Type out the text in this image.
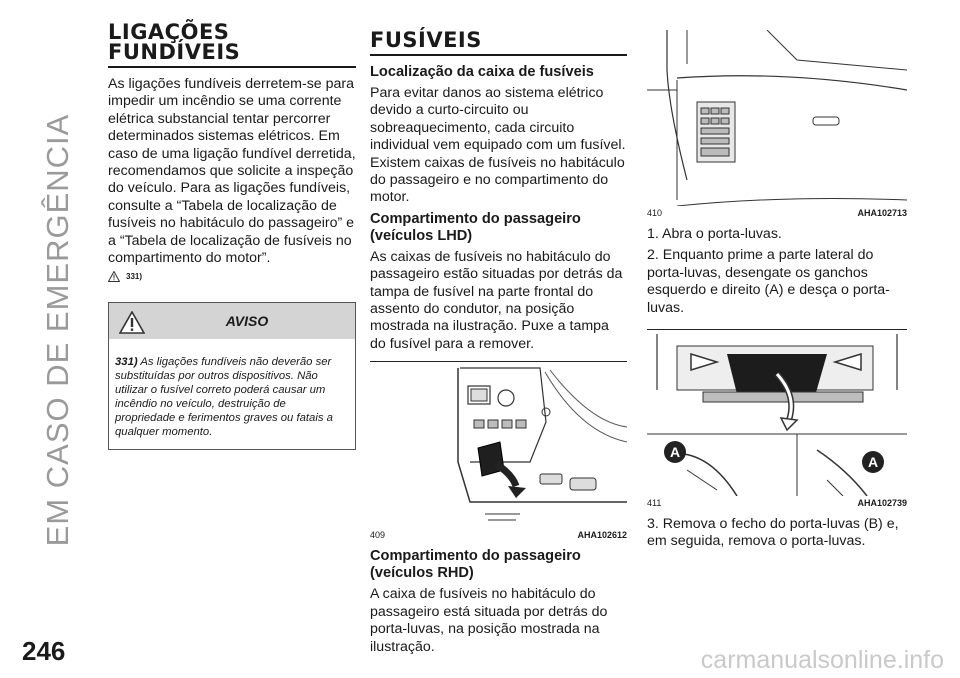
EM CASO DE EMERGÊNCIA
246	carmanualsonline.info
LIGAÇÕES
FUNDÍVEIS

As ligações fundíveis derretem-se para impedir um incêndio se uma corrente elétrica substancial tentar percorrer determinados sistemas elétricos. Em caso de uma ligação fundível derretida, recomendamos que solicite a inspeção do veículo. Para as ligações fundíveis, consulte a “Tabela de localização de fusíveis no habitáculo do passageiro” e a “Tabela de localização de fusíveis no compartimento do motor”.

331)
AVISO
331) As ligações fundíveis não deverão ser substituídas por outros dispositivos. Não utilizar o fusível correto poderá causar um incêndio no veículo, destruição de propriedade e ferimentos graves ou fatais a qualquer momento.
FUSÍVEIS
Localização da caixa de fusíveis

Para evitar danos ao sistema elétrico devido a curto-circuito ou sobreaquecimento, cada circuito individual vem equipado com um fusível. Existem caixas de fusíveis no habitáculo do passageiro e no compartimento do motor.

Compartimento do passageiro (veículos LHD)

As caixas de fusíveis no habitáculo do passageiro estão situadas por detrás da tampa de fusível na parte frontal do assento do condutor, na posição mostrada na ilustração. Puxe a tampa do fusível para a remover.

409	AHA102612
Compartimento do passageiro (veículos RHD)

A caixa de fusíveis no habitáculo do passageiro está situada por detrás do porta-luvas, na posição mostrada na ilustração.

410	AHA102713

1. Abra o porta-luvas.

2. Enquanto prime a parte lateral do porta-luvas, desengate os ganchos esquerdo e direito (A) e desça o porta-luvas.

A
A
411	AHA102739

3. Remova o fecho do porta-luvas (B) e, em seguida, remova o porta-luvas.
